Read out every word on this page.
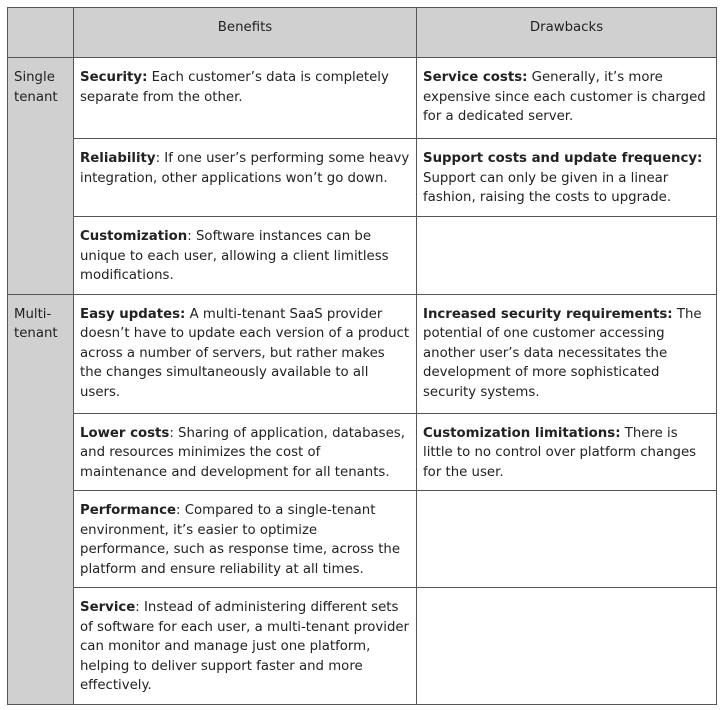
	Benefits	Drawbacks
Single tenant	Security: Each customer’s data is completely separate from the other.	Service costs: Generally, it’s more expensive since each customer is charged for a dedicated server.
	Reliability: If one user’s performing some heavy integration, other applications won’t go down.	Support costs and update frequency: Support can only be given in a linear fashion, raising the costs to upgrade.
	Customization: Software instances can be unique to each user, allowing a client limitless modifications.	
Multi-tenant	Easy updates: A multi-tenant SaaS provider doesn’t have to update each version of a product across a number of servers, but rather makes the changes simultaneously available to all users.	Increased security requirements: The potential of one customer accessing another user’s data necessitates the development of more sophisticated security systems.
	Lower costs: Sharing of application, databases, and resources minimizes the cost of maintenance and development for all tenants.	Customization limitations: There is little to no control over platform changes for the user.
	Performance: Compared to a single-tenant environment, it’s easier to optimize performance, such as response time, across the platform and ensure reliability at all times.	
	Service: Instead of administering different sets of software for each user, a multi-tenant provider can monitor and manage just one platform, helping to deliver support faster and more effectively.	
